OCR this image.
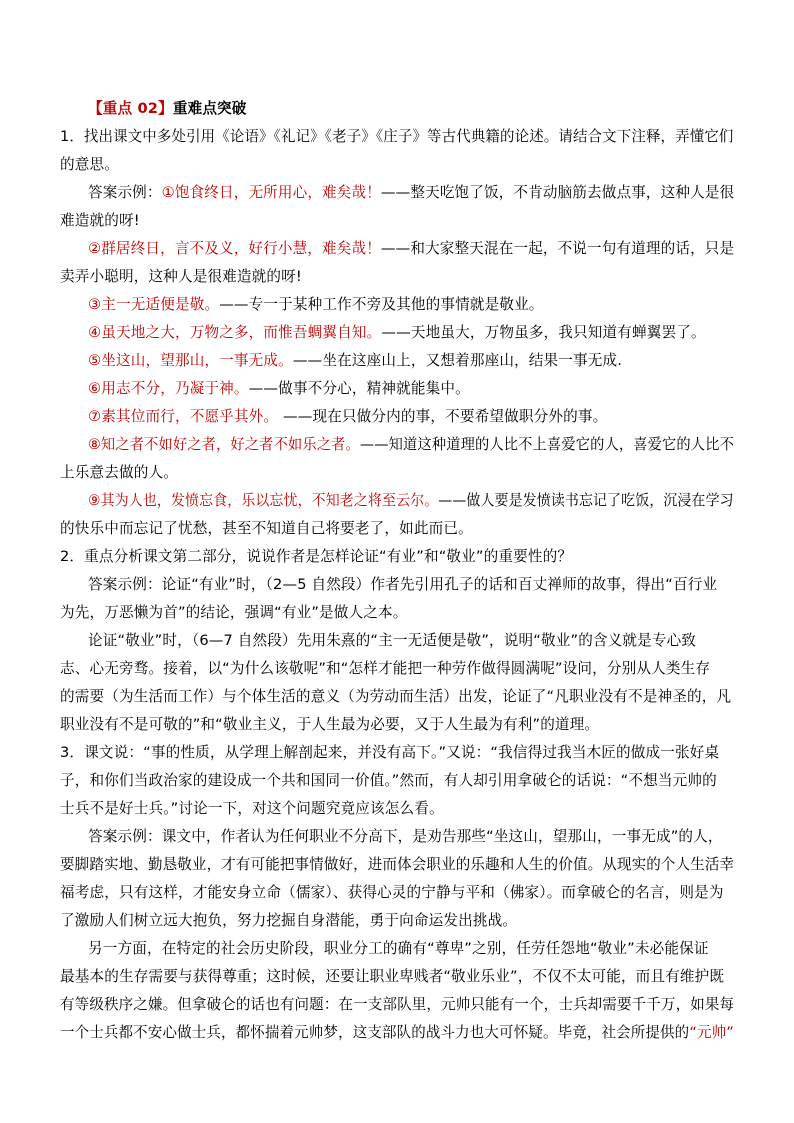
【重点 02】重难点突破
1．找出课文中多处引用《论语》《礼记》《老子》《庄子》等古代典籍的论述。请结合文下注释，弄懂它们
的意思。
答案示例：①饱食终日，无所用心，难矣哉！——整天吃饱了饭，不肯动脑筋去做点事，这种人是很
难造就的呀!
②群居终日，言不及义，好行小慧，难矣哉！——和大家整天混在一起，不说一句有道理的话，只是
卖弄小聪明，这种人是很难造就的呀!
③主一无适便是敬。——专一于某种工作不旁及其他的事情就是敬业。
④虽天地之大，万物之多，而惟吾蜩翼自知。——天地虽大，万物虽多，我只知道有蝉翼罢了。
⑤坐这山，望那山，一事无成。——坐在这座山上，又想着那座山，结果一事无成.
⑥用志不分，乃凝于神。——做事不分心，精神就能集中。
⑦素其位而行，不愿乎其外。 ——现在只做分内的事，不要希望做职分外的事。
⑧知之者不如好之者，好之者不如乐之者。——知道这种道理的人比不上喜爱它的人，喜爱它的人比不
上乐意去做的人。
⑨其为人也，发愤忘食，乐以忘忧，不知老之将至云尔。——做人要是发愤读书忘记了吃饭，沉浸在学习
的快乐中而忘记了忧愁，甚至不知道自己将要老了，如此而已。
2．重点分析课文第二部分，说说作者是怎样论证“有业”和“敬业”的重要性的？
答案示例：论证“有业”时，（2—5 自然段）作者先引用孔子的话和百丈禅师的故事，得出“百行业
为先，万恶懒为首”的结论，强调“有业”是做人之本。
论证“敬业”时，（6—7 自然段）先用朱熹的“主一无适便是敬”，说明“敬业”的含义就是专心致
志、心无旁骛。接着，以“为什么该敬呢”和“怎样才能把一种劳作做得圆满呢”设问，分别从人类生存
的需要（为生活而工作）与个体生活的意义（为劳动而生活）出发，论证了“凡职业没有不是神圣的，凡
职业没有不是可敬的”和“敬业主义，于人生最为必要，又于人生最为有利”的道理。
3．课文说：“事的性质，从学理上解剖起来，并没有高下。”又说：“我信得过我当木匠的做成一张好桌
子，和你们当政治家的建设成一个共和国同一价值。”然而，有人却引用拿破仑的话说：“不想当元帅的
士兵不是好士兵。”讨论一下，对这个问题究竟应该怎么看。
答案示例：课文中，作者认为任何职业不分高下，是劝告那些“坐这山，望那山，一事无成”的人，
要脚踏实地、勤恳敬业，才有可能把事情做好，进而体会职业的乐趣和人生的价值。从现实的个人生活幸
福考虑，只有这样，才能安身立命（儒家）、获得心灵的宁静与平和（佛家）。而拿破仑的名言，则是为
了激励人们树立远大抱负，努力挖掘自身潜能，勇于向命运发出挑战。
另一方面，在特定的社会历史阶段，职业分工的确有“尊卑”之别，任劳任怨地“敬业”未必能保证
最基本的生存需要与获得尊重；这时候，还要让职业卑贱者“敬业乐业”，不仅不太可能，而且有维护既
有等级秩序之嫌。但拿破仑的话也有问题：在一支部队里，元帅只能有一个，士兵却需要千千万，如果每
一个士兵都不安心做士兵，都怀揣着元帅梦，这支部队的战斗力也大可怀疑。毕竟，社会所提供的“元帅”
